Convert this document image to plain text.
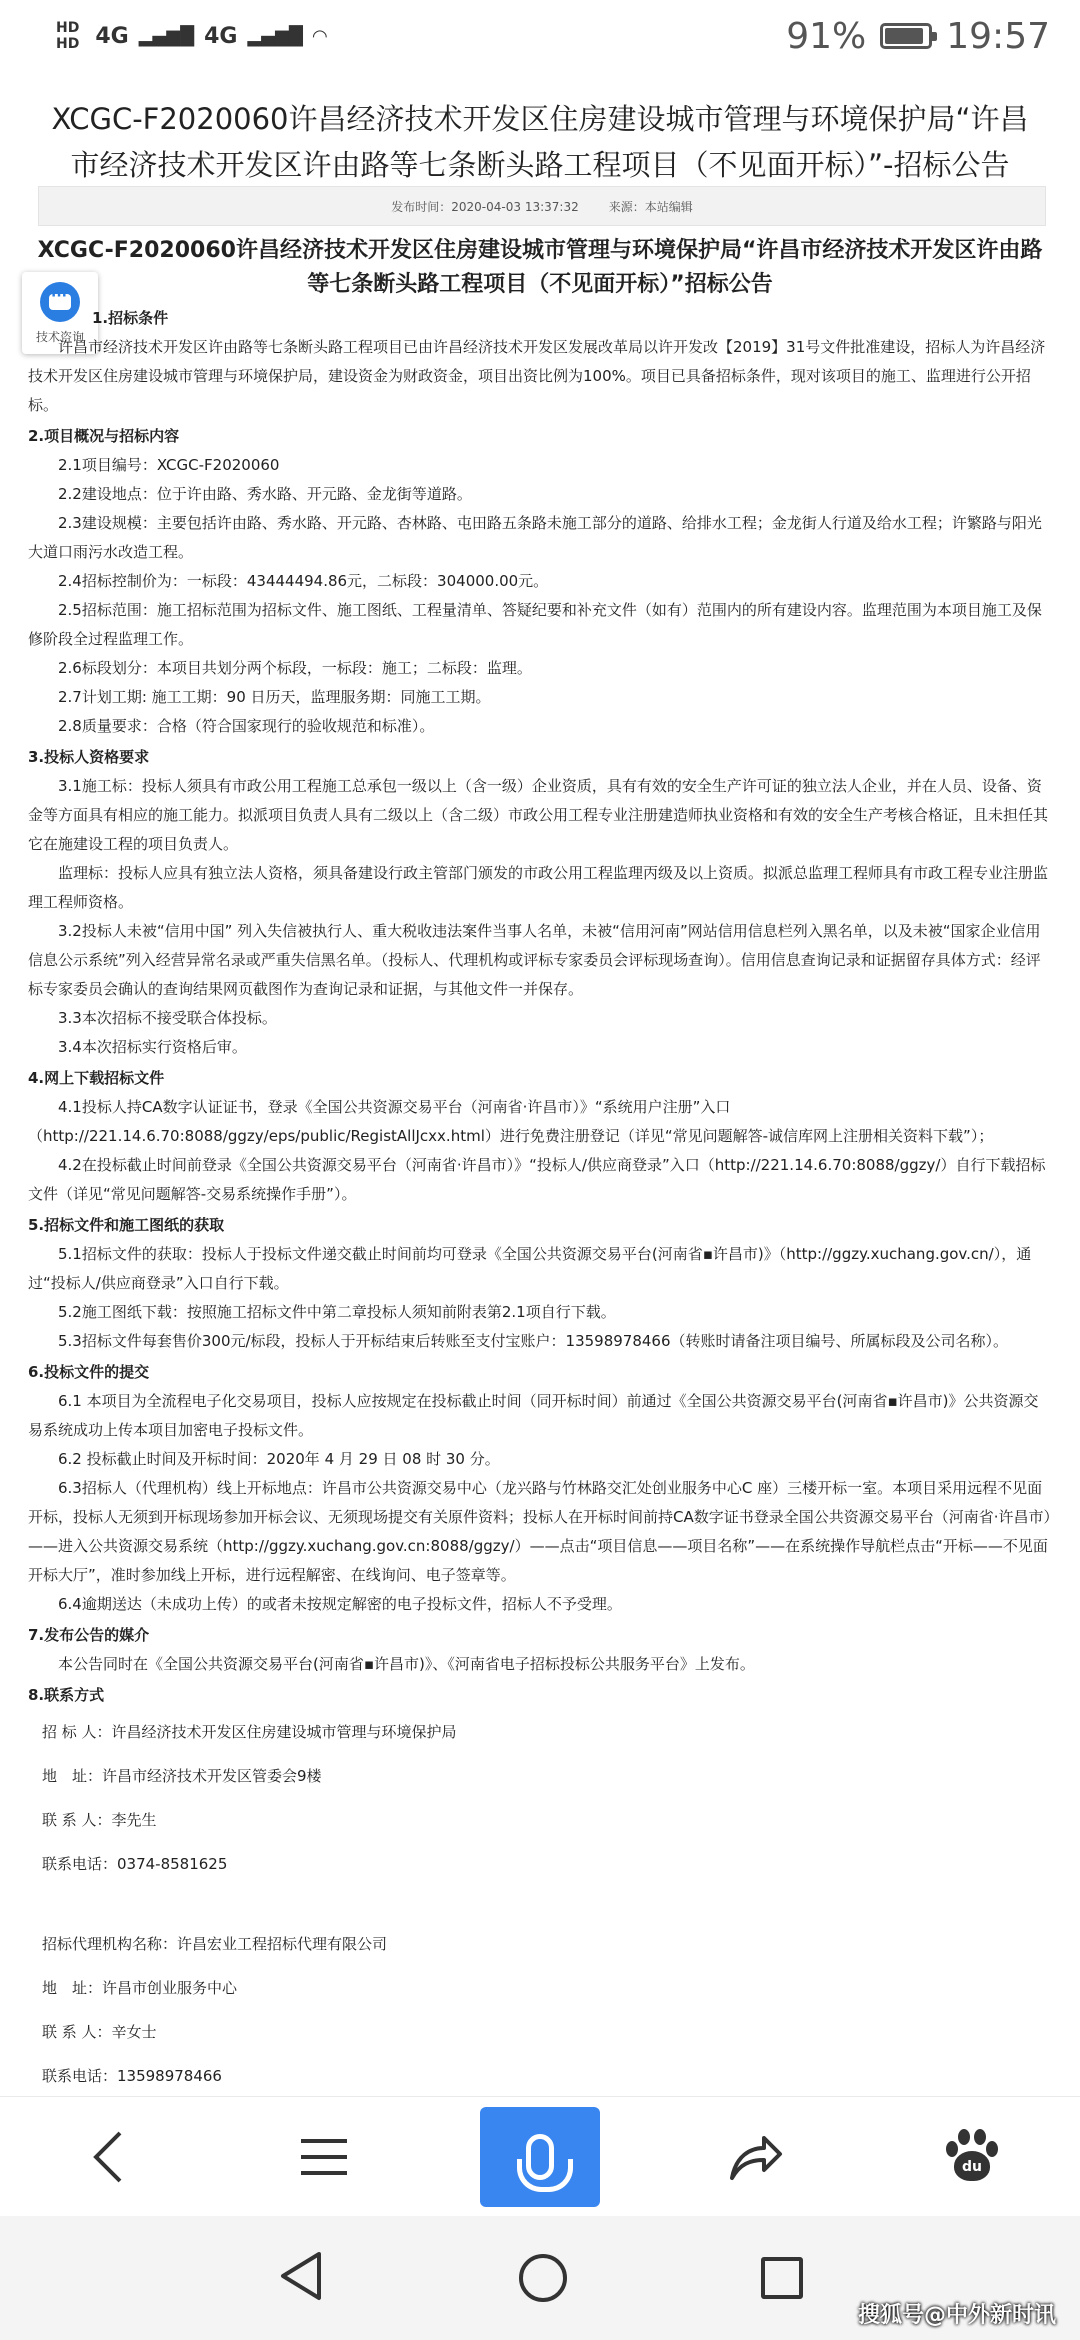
HD
HD 4G ▂▄▆█ 4G ▂▄▆█ ◠	91% 19:57
XCGC-F2020060许昌经济技术开发区住房建设城市管理与环境保护局“许昌市经济技术开发区许由路等七条断头路工程项目（不见面开标）”-招标公告
发布时间：2020-04-03 13:37:32	来源：本站编辑
XCGC-F2020060许昌经济技术开发区住房建设城市管理与环境保护局“许昌市经济技术开发区许由路等七条断头路工程项目（不见面开标）”招标公告
···
技术咨询
1.招标条件
许昌市经济技术开发区许由路等七条断头路工程项目已由许昌经济技术开发区发展改革局以许开发改【2019】31号文件批准建设，招标人为许昌经济技术开发区住房建设城市管理与环境保护局，建设资金为财政资金，项目出资比例为100%。项目已具备招标条件，现对该项目的施工、监理进行公开招标。
2.项目概况与招标内容
2.1项目编号：XCGC-F2020060
2.2建设地点：位于许由路、秀水路、开元路、金龙街等道路。
2.3建设规模：主要包括许由路、秀水路、开元路、杏林路、屯田路五条路未施工部分的道路、给排水工程；金龙街人行道及给水工程；许繁路与阳光大道口雨污水改造工程。
2.4招标控制价为：一标段：43444494.86元，二标段：304000.00元。
2.5招标范围：施工招标范围为招标文件、施工图纸、工程量清单、答疑纪要和补充文件（如有）范围内的所有建设内容。监理范围为本项目施工及保修阶段全过程监理工作。
2.6标段划分：本项目共划分两个标段，一标段：施工；二标段：监理。
2.7计划工期: 施工工期：90 日历天，监理服务期：同施工工期。
2.8质量要求：合格（符合国家现行的验收规范和标准）。
3.投标人资格要求
3.1施工标：投标人须具有市政公用工程施工总承包一级以上（含一级）企业资质，具有有效的安全生产许可证的独立法人企业，并在人员、设备、资金等方面具有相应的施工能力。拟派项目负责人具有二级以上（含二级）市政公用工程专业注册建造师执业资格和有效的安全生产考核合格证，且未担任其它在施建设工程的项目负责人。
监理标：投标人应具有独立法人资格，须具备建设行政主管部门颁发的市政公用工程监理丙级及以上资质。拟派总监理工程师具有市政工程专业注册监理工程师资格。
3.2投标人未被“信用中国” 列入失信被执行人、重大税收违法案件当事人名单，未被“信用河南”网站信用信息栏列入黑名单，以及未被“国家企业信用信息公示系统”列入经营异常名录或严重失信黑名单。（投标人、代理机构或评标专家委员会评标现场查询）。信用信息查询记录和证据留存具体方式：经评标专家委员会确认的查询结果网页截图作为查询记录和证据，与其他文件一并保存。
3.3本次招标不接受联合体投标。
3.4本次招标实行资格后审。
4.网上下载招标文件
4.1投标人持CA数字认证证书，登录《全国公共资源交易平台（河南省·许昌市）》“系统用户注册”入口（http://221.14.6.70:8088/ggzy/eps/public/RegistAllJcxx.html）进行免费注册登记（详见“常见问题解答-诚信库网上注册相关资料下载”）；
4.2在投标截止时间前登录《全国公共资源交易平台（河南省·许昌市）》“投标人/供应商登录”入口（http://221.14.6.70:8088/ggzy/）自行下载招标文件（详见“常见问题解答-交易系统操作手册”）。
5.招标文件和施工图纸的获取
5.1招标文件的获取：投标人于投标文件递交截止时间前均可登录《全国公共资源交易平台(河南省▪许昌市)》（http://ggzy.xuchang.gov.cn/），通过“投标人/供应商登录”入口自行下载。
5.2施工图纸下载：按照施工招标文件中第二章投标人须知前附表第2.1项自行下载。
5.3招标文件每套售价300元/标段，投标人于开标结束后转账至支付宝账户：13598978466（转账时请备注项目编号、所属标段及公司名称）。
6.投标文件的提交
6.1 本项目为全流程电子化交易项目，投标人应按规定在投标截止时间（同开标时间）前通过《全国公共资源交易平台(河南省▪许昌市)》公共资源交易系统成功上传本项目加密电子投标文件。
6.2 投标截止时间及开标时间：2020年 4 月 29 日 08 时 30 分。
6.3招标人（代理机构）线上开标地点：许昌市公共资源交易中心（龙兴路与竹林路交汇处创业服务中心C 座）三楼开标一室。本项目采用远程不见面开标，投标人无须到开标现场参加开标会议、无须现场提交有关原件资料；投标人在开标时间前持CA数字证书登录全国公共资源交易平台（河南省·许昌市）——进入公共资源交易系统（http://ggzy.xuchang.gov.cn:8088/ggzy/）——点击“项目信息——项目名称”——在系统操作导航栏点击“开标——不见面开标大厅”，准时参加线上开标，进行远程解密、在线询问、电子签章等。
6.4逾期送达（未成功上传）的或者未按规定解密的电子投标文件，招标人不予受理。
7.发布公告的媒介
本公告同时在《全国公共资源交易平台(河南省▪许昌市)》、《河南省电子招标投标公共服务平台》上发布。
8.联系方式
招 标 人：许昌经济技术开发区住房建设城市管理与环境保护局
地　址：许昌市经济技术开发区管委会9楼
联 系 人：李先生
联系电话：0374-8581625
招标代理机构名称：许昌宏业工程招标代理有限公司
地　址：许昌市创业服务中心
联 系 人：辛女士
联系电话：13598978466
du
搜狐号@中外新时讯
